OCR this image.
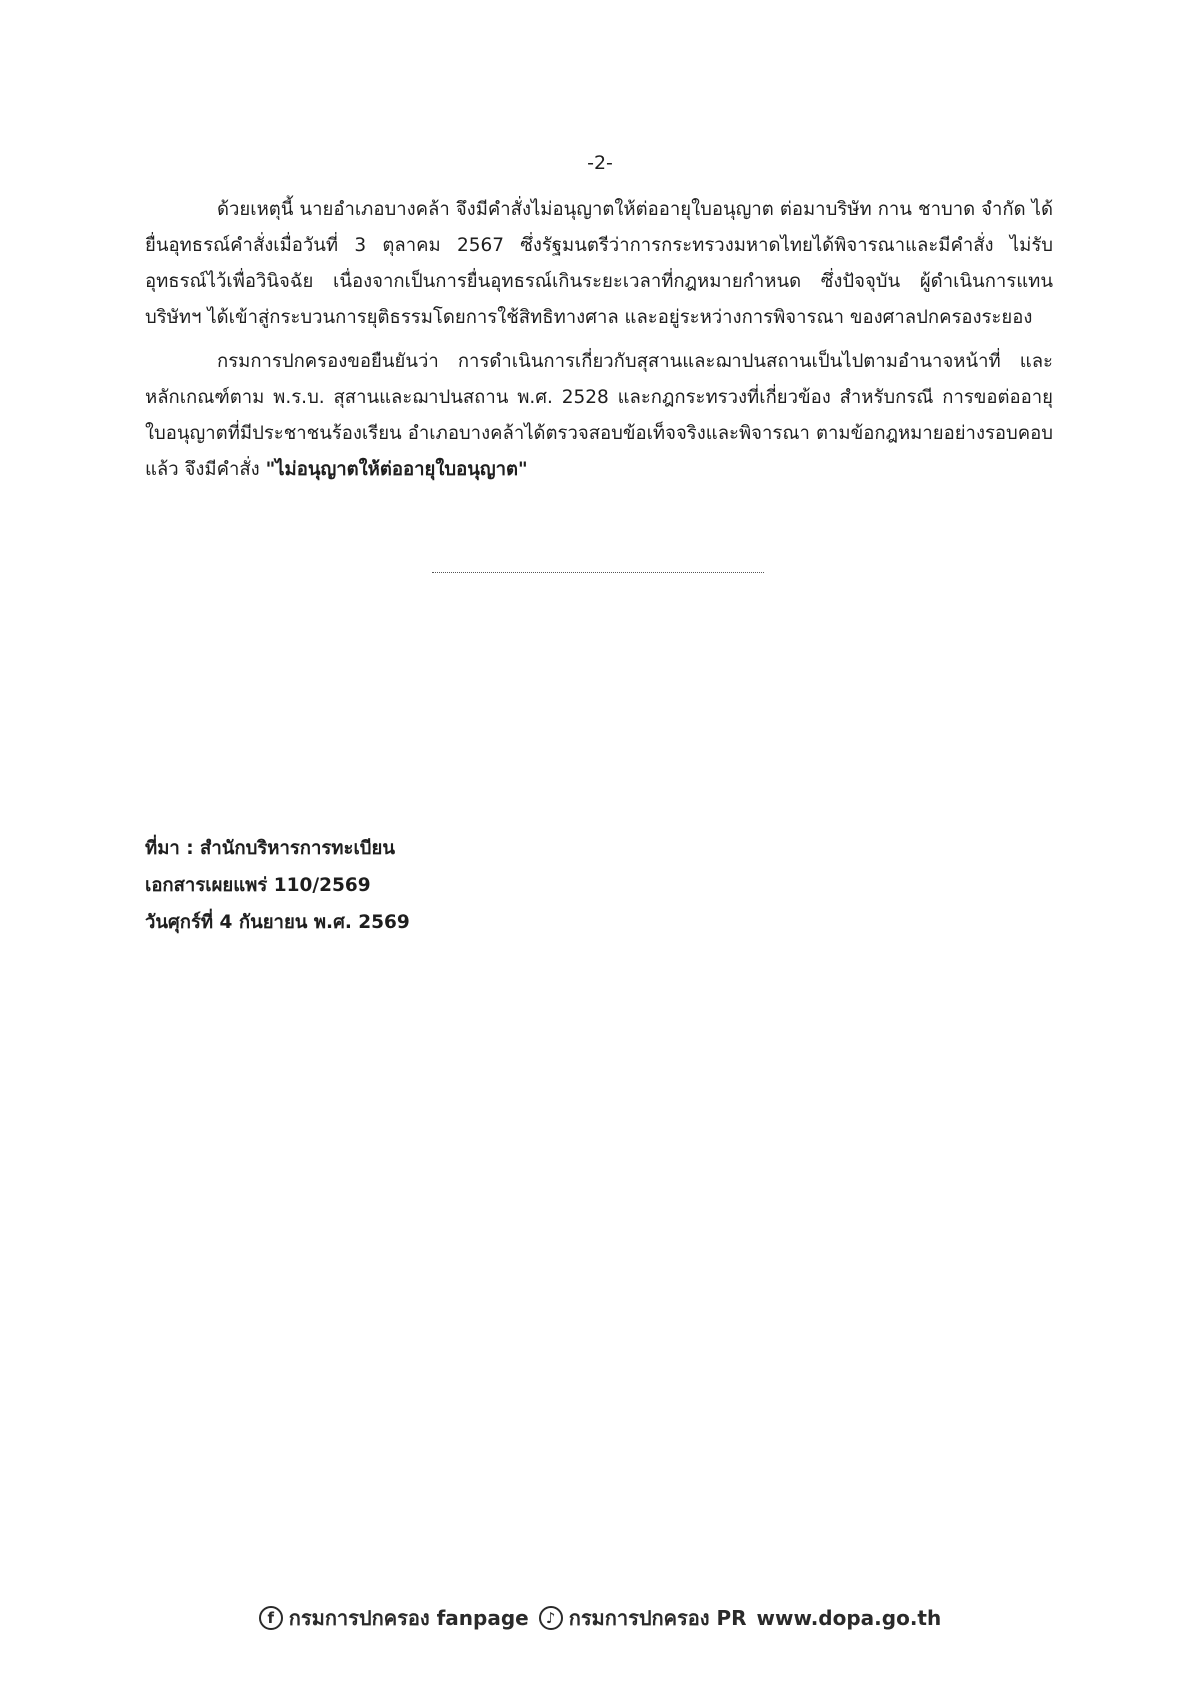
-2-

ด้วยเหตุนี้ นายอำเภอบางคล้า จึงมีคำสั่งไม่อนุญาตให้ต่ออายุใบอนุญาต ต่อมาบริษัท กาน ชาบาด จำกัด ได้ยื่นอุทธรณ์คำสั่งเมื่อวันที่ 3 ตุลาคม 2567 ซึ่งรัฐมนตรีว่าการกระทรวงมหาดไทยได้พิจารณาและมีคำสั่ง ไม่รับอุทธรณ์ไว้เพื่อวินิจฉัย เนื่องจากเป็นการยื่นอุทธรณ์เกินระยะเวลาที่กฎหมายกำหนด ซึ่งปัจจุบัน ผู้ดำเนินการแทนบริษัทฯ ได้เข้าสู่กระบวนการยุติธรรมโดยการใช้สิทธิทางศาล และอยู่ระหว่างการพิจารณา ของศาลปกครองระยอง

กรมการปกครองขอยืนยันว่า การดำเนินการเกี่ยวกับสุสานและฌาปนสถานเป็นไปตามอำนาจหน้าที่ และหลักเกณฑ์ตาม พ.ร.บ. สุสานและฌาปนสถาน พ.ศ. 2528 และกฎกระทรวงที่เกี่ยวข้อง สำหรับกรณี การขอต่ออายุใบอนุญาตที่มีประชาชนร้องเรียน อำเภอบางคล้าได้ตรวจสอบข้อเท็จจริงและพิจารณา ตามข้อกฎหมายอย่างรอบคอบแล้ว จึงมีคำสั่ง "ไม่อนุญาตให้ต่ออายุใบอนุญาต"

ที่มา : สำนักบริหารการทะเบียน
เอกสารเผยแพร่ 110/2569
วันศุกร์ที่ 4 กันยายน พ.ศ. 2569
f กรมการปกครอง fanpage	♪ กรมการปกครอง PR www.dopa.go.th
